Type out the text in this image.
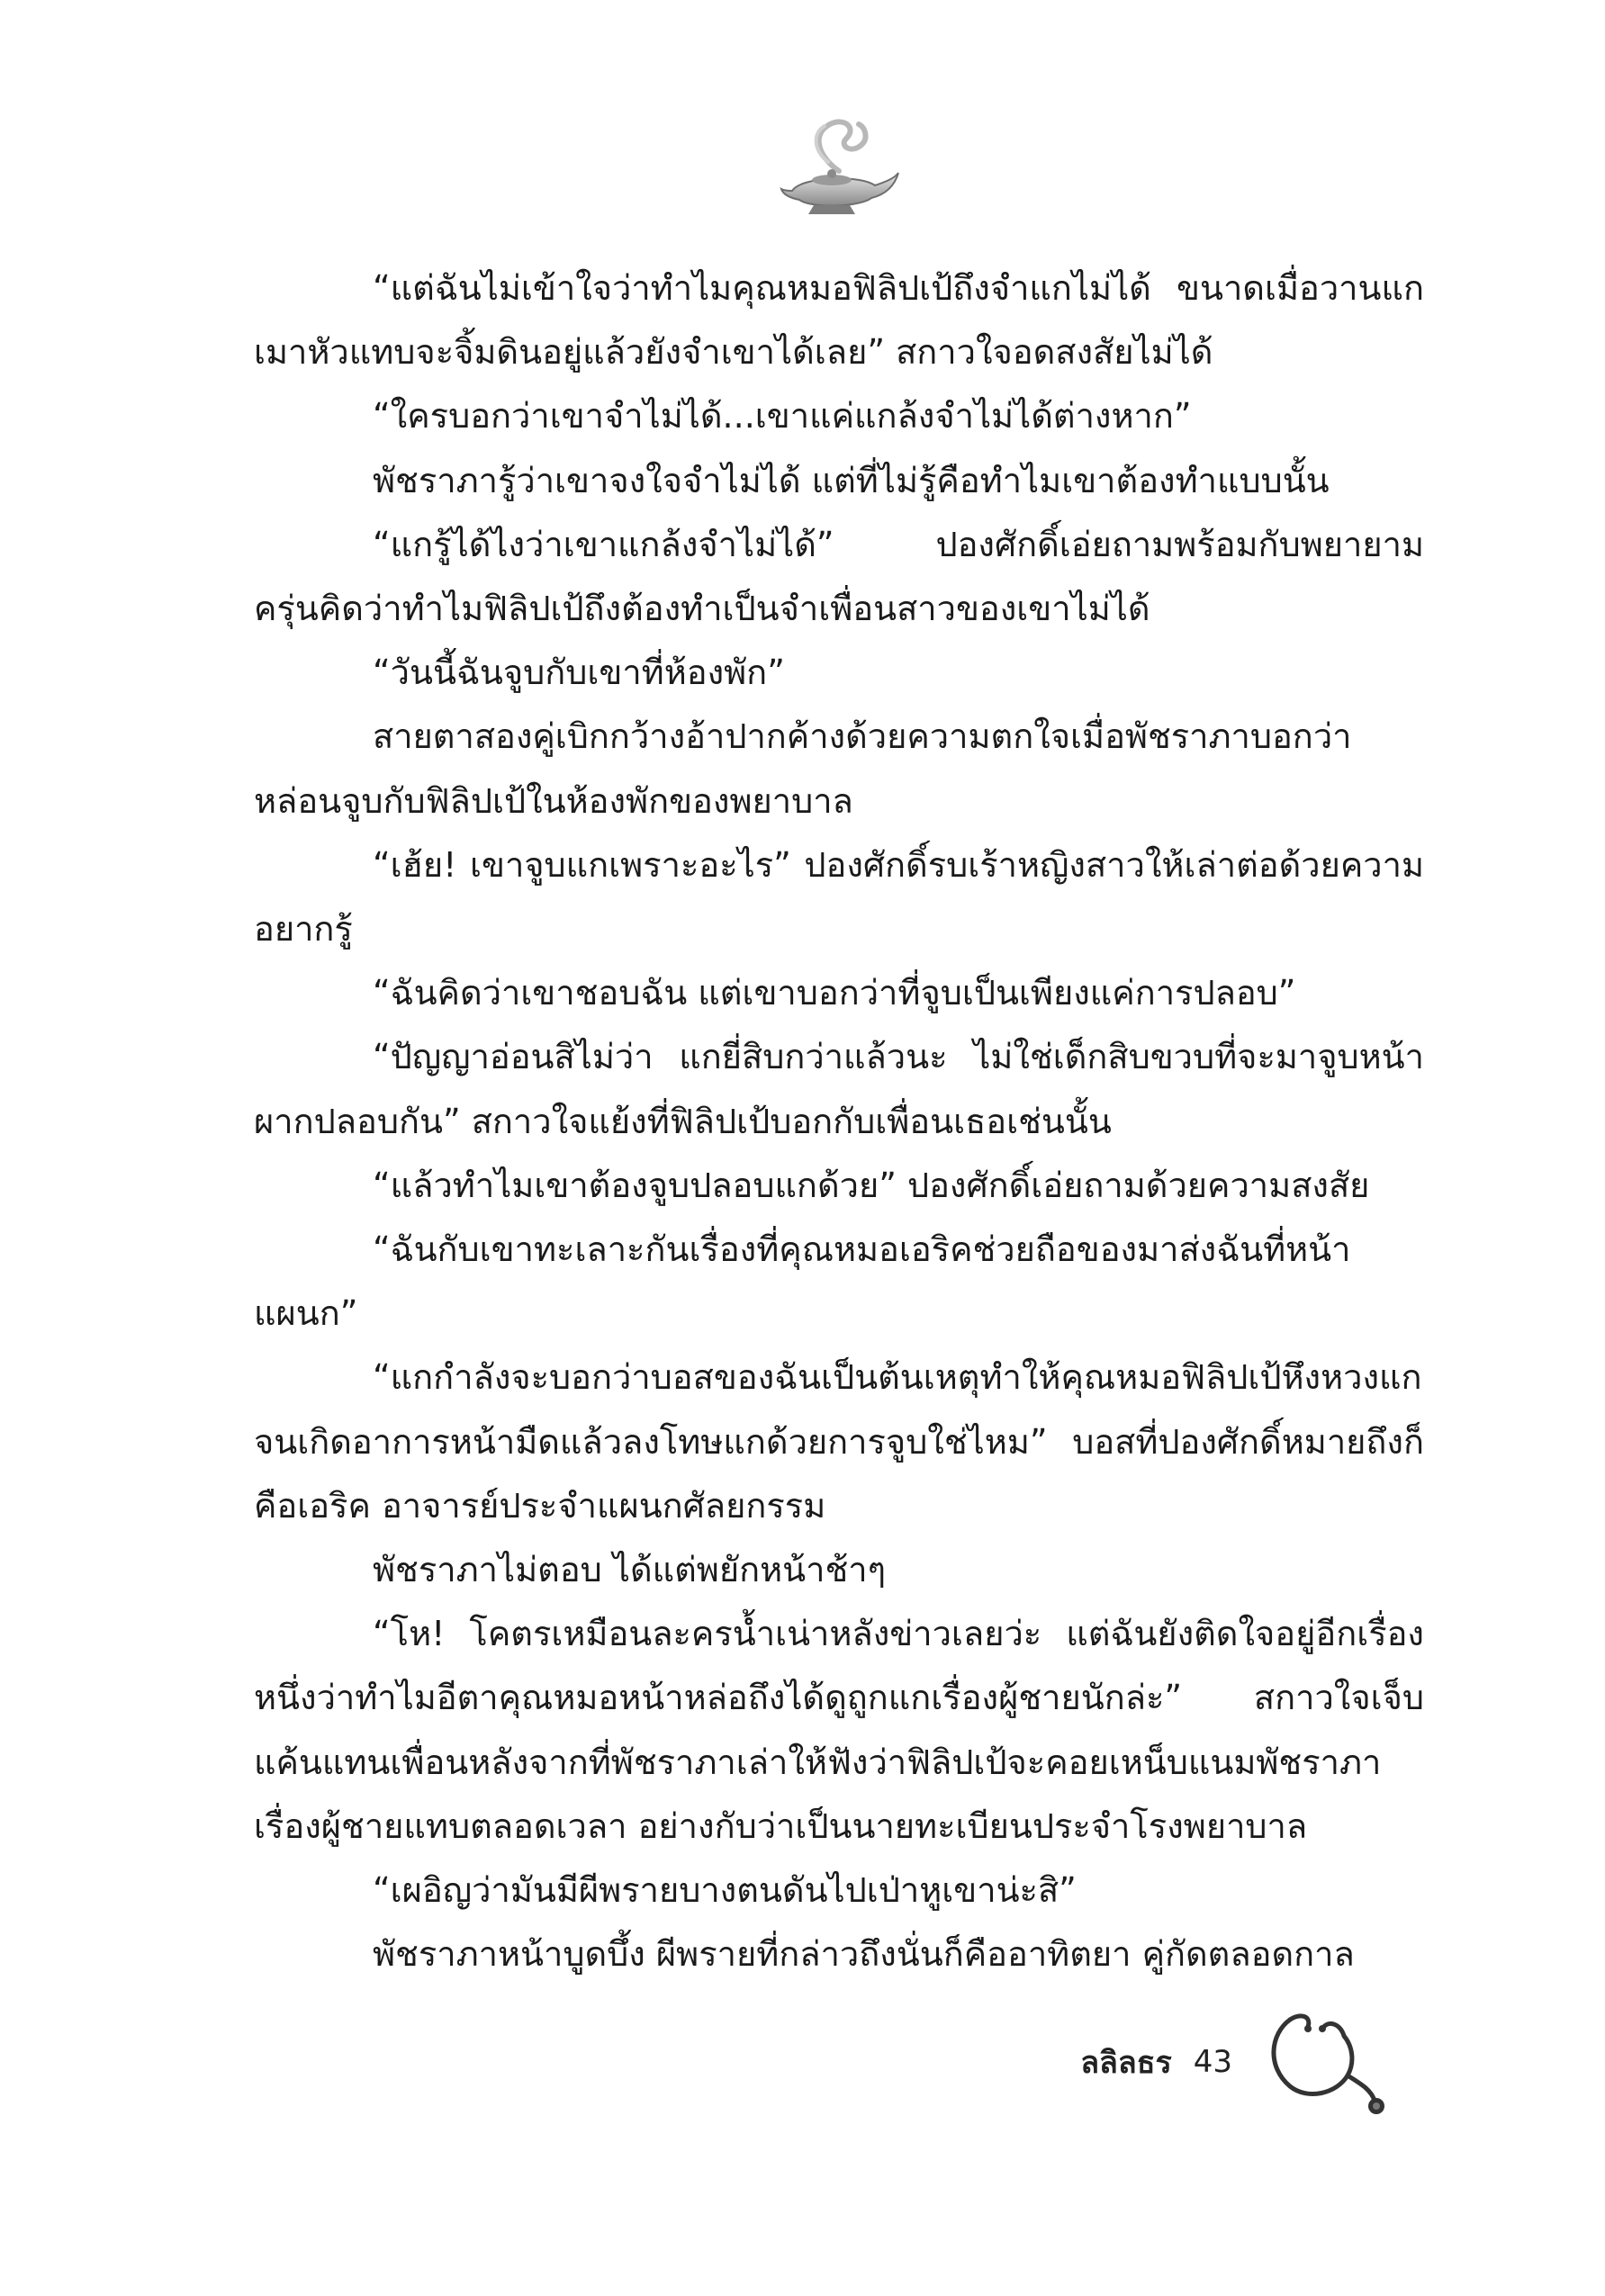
“แต่ฉันไม่เข้าใจว่าทำไมคุณหมอฟิลิปเป้ถึงจำแกไม่ได้ ขนาดเมื่อวานแกเมาหัวแทบจะจิ้มดินอยู่แล้วยังจำเขาได้เลย” สกาวใจอดสงสัยไม่ได้

“ใครบอกว่าเขาจำไม่ได้...เขาแค่แกล้งจำไม่ได้ต่างหาก”

พัชราภารู้ว่าเขาจงใจจำไม่ได้ แต่ที่ไม่รู้คือทำไมเขาต้องทำแบบนั้น

“แกรู้ได้ไงว่าเขาแกล้งจำไม่ได้” ปองศักดิ์เอ่ยถามพร้อมกับพยายามครุ่นคิดว่าทำไมฟิลิปเป้ถึงต้องทำเป็นจำเพื่อนสาวของเขาไม่ได้

“วันนี้ฉันจูบกับเขาที่ห้องพัก”

สายตาสองคู่เบิกกว้างอ้าปากค้างด้วยความตกใจเมื่อพัชราภาบอกว่าหล่อนจูบกับฟิลิปเป้ในห้องพักของพยาบาล

“เฮ้ย! เขาจูบแกเพราะอะไร” ปองศักดิ์รบเร้าหญิงสาวให้เล่าต่อด้วยความอยากรู้

“ฉันคิดว่าเขาชอบฉัน แต่เขาบอกว่าที่จูบเป็นเพียงแค่การปลอบ”

“ปัญญาอ่อนสิไม่ว่า แกยี่สิบกว่าแล้วนะ ไม่ใช่เด็กสิบขวบที่จะมาจูบหน้าผากปลอบกัน” สกาวใจแย้งที่ฟิลิปเป้บอกกับเพื่อนเธอเช่นนั้น

“แล้วทำไมเขาต้องจูบปลอบแกด้วย” ปองศักดิ์เอ่ยถามด้วยความสงสัย

“ฉันกับเขาทะเลาะกันเรื่องที่คุณหมอเอริคช่วยถือของมาส่งฉันที่หน้าแผนก”

“แกกำลังจะบอกว่าบอสของฉันเป็นต้นเหตุทำให้คุณหมอฟิลิปเป้หึงหวงแกจนเกิดอาการหน้ามืดแล้วลงโทษแกด้วยการจูบใช่ไหม” บอสที่ปองศักดิ์หมายถึงก็คือเอริค อาจารย์ประจำแผนกศัลยกรรม

พัชราภาไม่ตอบ ได้แต่พยักหน้าช้าๆ

“โห! โคตรเหมือนละครน้ำเน่าหลังข่าวเลยว่ะ แต่ฉันยังติดใจอยู่อีกเรื่องหนึ่งว่าทำไมอีตาคุณหมอหน้าหล่อถึงได้ดูถูกแกเรื่องผู้ชายนักล่ะ” สกาวใจเจ็บแค้นแทนเพื่อนหลังจากที่พัชราภาเล่าให้ฟังว่าฟิลิปเป้จะคอยเหน็บแนมพัชราภาเรื่องผู้ชายแทบตลอดเวลา อย่างกับว่าเป็นนายทะเบียนประจำโรงพยาบาล

“เผอิญว่ามันมีผีพรายบางตนดันไปเป่าหูเขาน่ะสิ”

พัชราภาหน้าบูดบึ้ง ผีพรายที่กล่าวถึงนั่นก็คืออาทิตยา คู่กัดตลอดกาล

ลลิลธร 43
